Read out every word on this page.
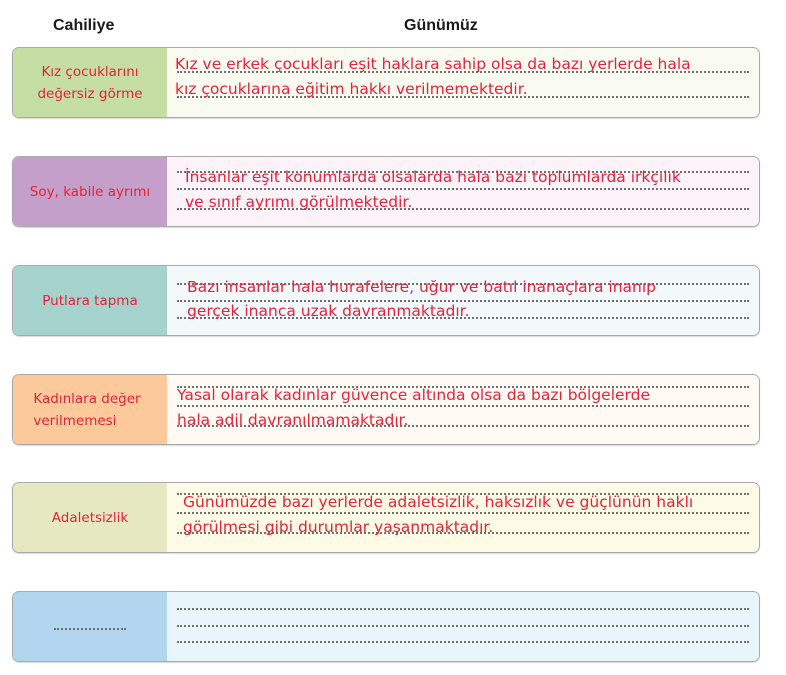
Cahiliye	Günümüz
Kız çocuklarını
değersiz görme
Kız ve erkek çocukları eşit haklara sahip olsa da bazı yerlerde hala
kız çocuklarına eğitim hakkı verilmemektedir.
Soy, kabile ayrımı
İnsanlar eşit konumlarda olsalarda hala bazı toplumlarda ırkçılık
ve sınıf ayrımı görülmektedir.
Putlara tapma
Bazı insanlar hala hurafelere, uğur ve batıl inanaçlara inanıp
gerçek inanca uzak davranmaktadır.
Kadınlara değer
verilmemesi
Yasal olarak kadınlar güvence altında olsa da bazı bölgelerde
hala adil davranılmamaktadır.
Adaletsizlik
Günümüzde bazı yerlerde adaletsizlik, haksızlık ve güçlünün haklı
görülmesi gibi durumlar yaşanmaktadır.
